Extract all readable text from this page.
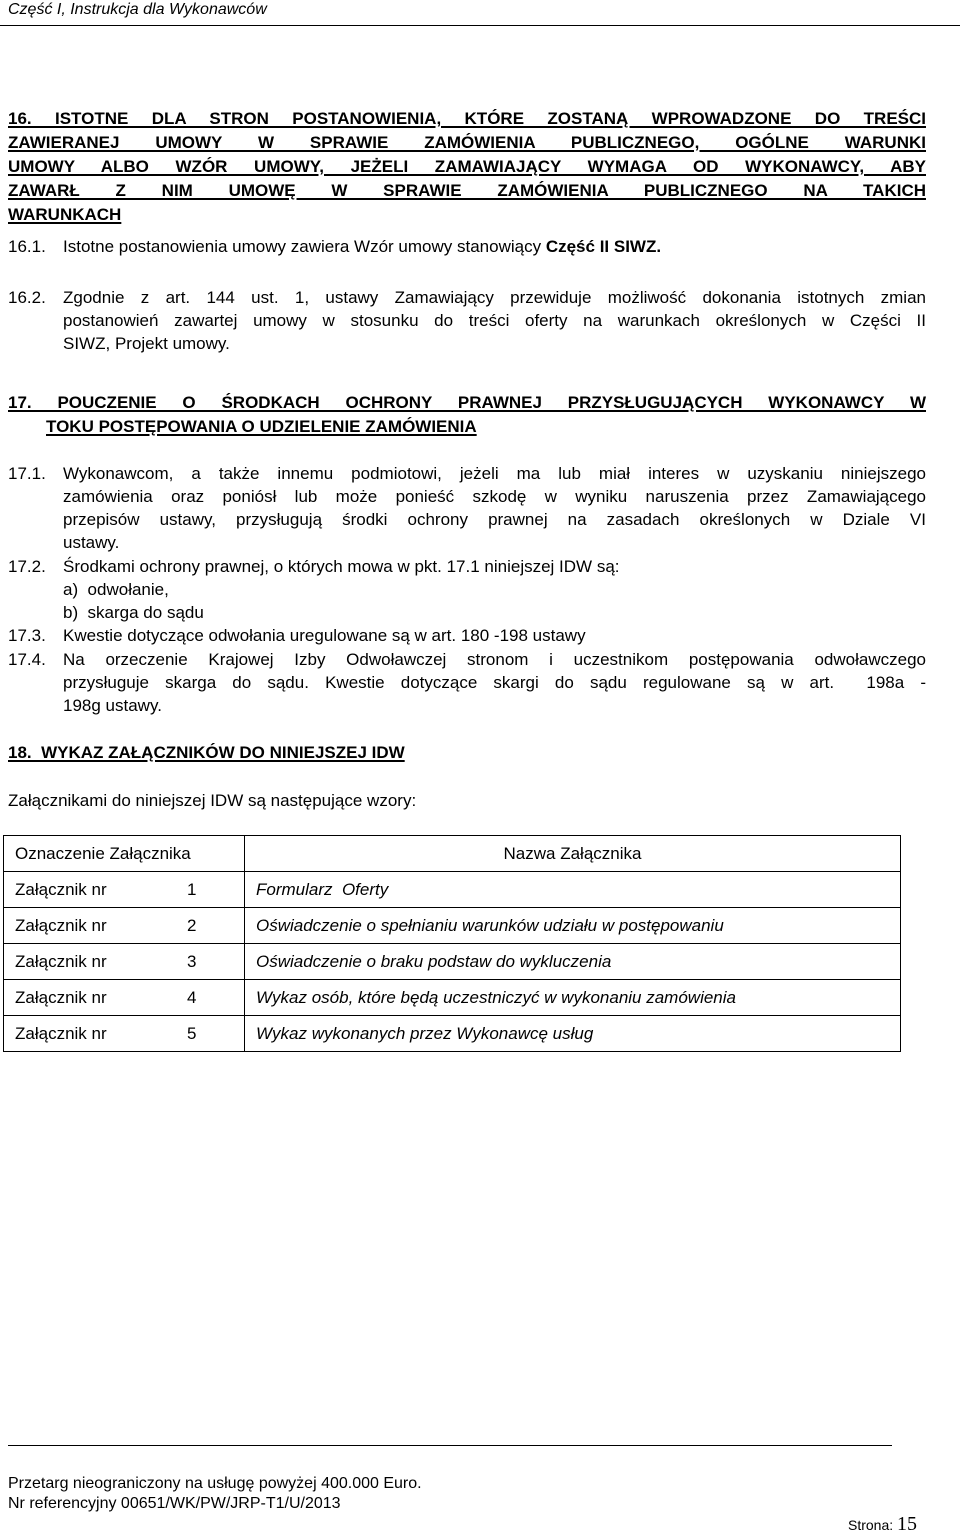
Część I, Instrukcja dla Wykonawców
16. ISTOTNE DLA STRON POSTANOWIENIA, KTÓRE ZOSTANĄ WPROWADZONE DO TREŚCI
ZAWIERANEJ UMOWY W SPRAWIE ZAMÓWIENIA PUBLICZNEGO, OGÓLNE WARUNKI
UMOWY ALBO WZÓR UMOWY, JEŻELI ZAMAWIAJĄCY WYMAGA OD WYKONAWCY, ABY
ZAWARŁ Z NIM UMOWĘ W SPRAWIE ZAMÓWIENIA PUBLICZNEGO NA TAKICH
WARUNKACH
16.1. Istotne postanowienia umowy zawiera Wzór umowy stanowiący Część II SIWZ.
16.2. Zgodnie z art. 144 ust. 1, ustawy Zamawiający przewiduje możliwość dokonania istotnych zmian
postanowień zawartej umowy w stosunku do treści oferty na warunkach określonych w Części II
SIWZ, Projekt umowy.
17. POUCZENIE O ŚRODKACH OCHRONY PRAWNEJ PRZYSŁUGUJĄCYCH WYKONAWCY W
TOKU POSTĘPOWANIA O UDZIELENIE ZAMÓWIENIA
17.1. Wykonawcom, a także innemu podmiotowi, jeżeli ma lub miał interes w uzyskaniu niniejszego
zamówienia oraz poniósł lub może ponieść szkodę w wyniku naruszenia przez Zamawiającego
przepisów ustawy, przysługują środki ochrony prawnej na zasadach określonych w Dziale VI
ustawy.
17.2. Środkami ochrony prawnej, o których mowa w pkt. 17.1 niniejszej IDW są:
a)  odwołanie,
b)  skarga do sądu
17.3. Kwestie dotyczące odwołania uregulowane są w art. 180 -198 ustawy
17.4. Na orzeczenie Krajowej Izby Odwoławczej stronom i uczestnikom postępowania odwoławczego
przysługuje skarga do sądu. Kwestie dotyczące skargi do sądu regulowane są w art.  198a -
198g ustawy.
18.  WYKAZ ZAŁĄCZNIKÓW DO NINIEJSZEJ IDW
Załącznikami do niniejszej IDW są następujące wzory:
Oznaczenie Załącznika	Nazwa Załącznika
Załącznik nr 1	Formularz  Oferty
Załącznik nr 2	Oświadczenie o spełnianiu warunków udziału w postępowaniu
Załącznik nr 3	Oświadczenie o braku podstaw do wykluczenia
Załącznik nr 4	Wykaz osób, które będą uczestniczyć w wykonaniu zamówienia
Załącznik nr 5	Wykaz wykonanych przez Wykonawcę usług
Przetarg nieograniczony na usługę powyżej 400.000 Euro.
Nr referencyjny 00651/WK/PW/JRP-T1/U/2013
Strona: 15
